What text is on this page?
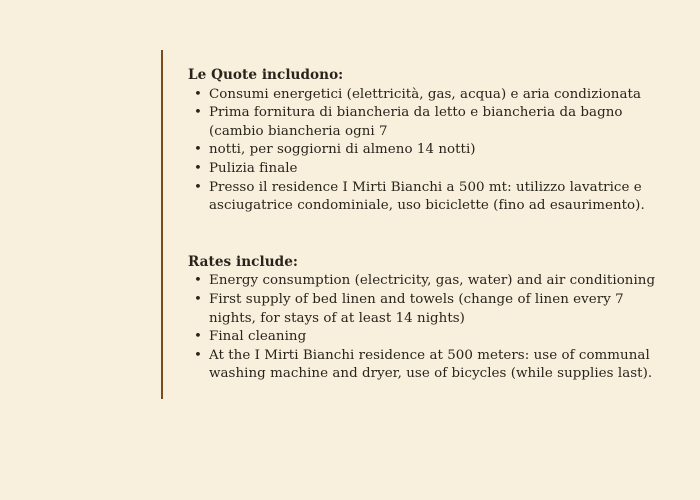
Le Quote includono:
• Consumi energetici (elettricità, gas, acqua) e aria condizionata
• Prima fornitura di biancheria da letto e biancheria da bagno (cambio biancheria ogni 7
• notti, per soggiorni di almeno 14 notti)
• Pulizia finale
• Presso il residence I Mirti Bianchi a 500 mt: utilizzo lavatrice e asciugatrice condominiale, uso biciclette (fino ad esaurimento).
Rates include:
• Energy consumption (electricity, gas, water) and air conditioning
• First supply of bed linen and towels (change of linen every 7 nights, for stays of at least 14 nights)
• Final cleaning
• At the I Mirti Bianchi residence at 500 meters: use of communal washing machine and dryer, use of bicycles (while supplies last).
